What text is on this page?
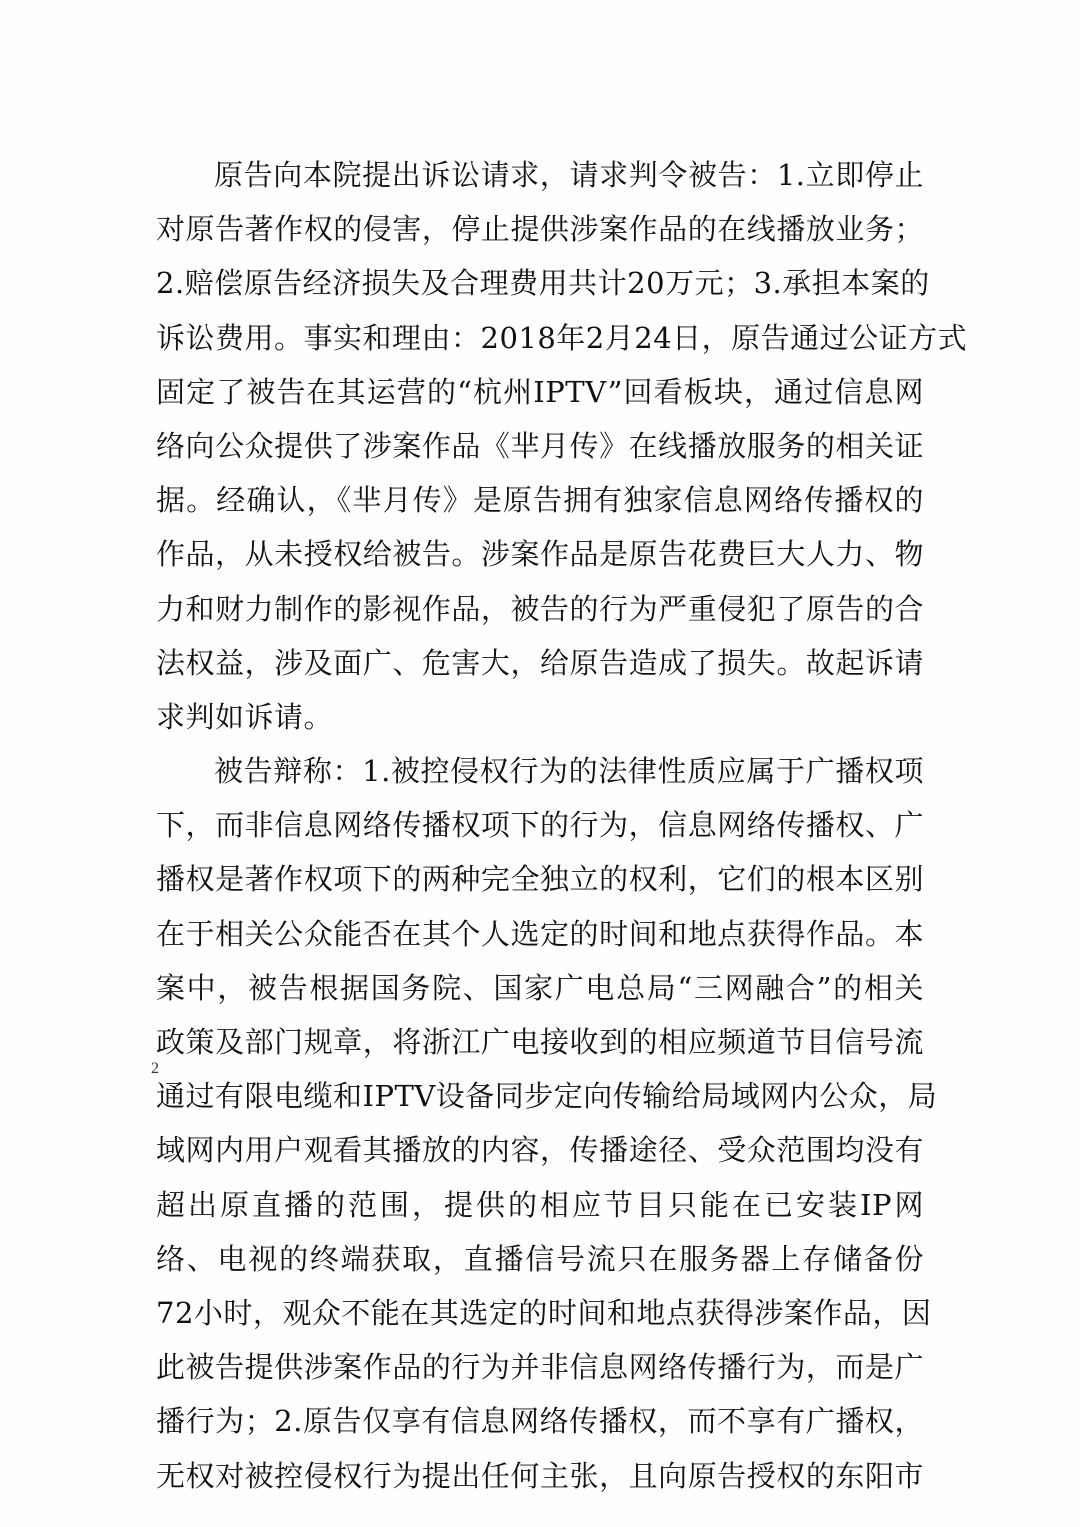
原告向本院提出诉讼请求，请求判令被告：1.立即停止
对原告著作权的侵害，停止提供涉案作品的在线播放业务；
2.赔偿原告经济损失及合理费用共计20万元；3.承担本案的
诉讼费用。事实和理由：2018年2月24日，原告通过公证方式
固定了被告在其运营的“杭州IPTV”回看板块，通过信息网
络向公众提供了涉案作品《芈月传》在线播放服务的相关证
据。经确认，《芈月传》是原告拥有独家信息网络传播权的
作品，从未授权给被告。涉案作品是原告花费巨大人力、物
力和财力制作的影视作品，被告的行为严重侵犯了原告的合
法权益，涉及面广、危害大，给原告造成了损失。故起诉请
求判如诉请。
被告辩称：1.被控侵权行为的法律性质应属于广播权项
下，而非信息网络传播权项下的行为，信息网络传播权、广
播权是著作权项下的两种完全独立的权利，它们的根本区别
在于相关公众能否在其个人选定的时间和地点获得作品。本
案中，被告根据国务院、国家广电总局“三网融合”的相关
政策及部门规章，将浙江广电接收到的相应频道节目信号流
通过有限电缆和IPTV设备同步定向传输给局域网内公众，局
域网内用户观看其播放的内容，传播途径、受众范围均没有
超出原直播的范围，提供的相应节目只能在已安装IP网
络、电视的终端获取，直播信号流只在服务器上存储备份
72小时，观众不能在其选定的时间和地点获得涉案作品，因
此被告提供涉案作品的行为并非信息网络传播行为，而是广
播行为；2.原告仅享有信息网络传播权，而不享有广播权，
无权对被控侵权行为提出任何主张，且向原告授权的东阳市
2
